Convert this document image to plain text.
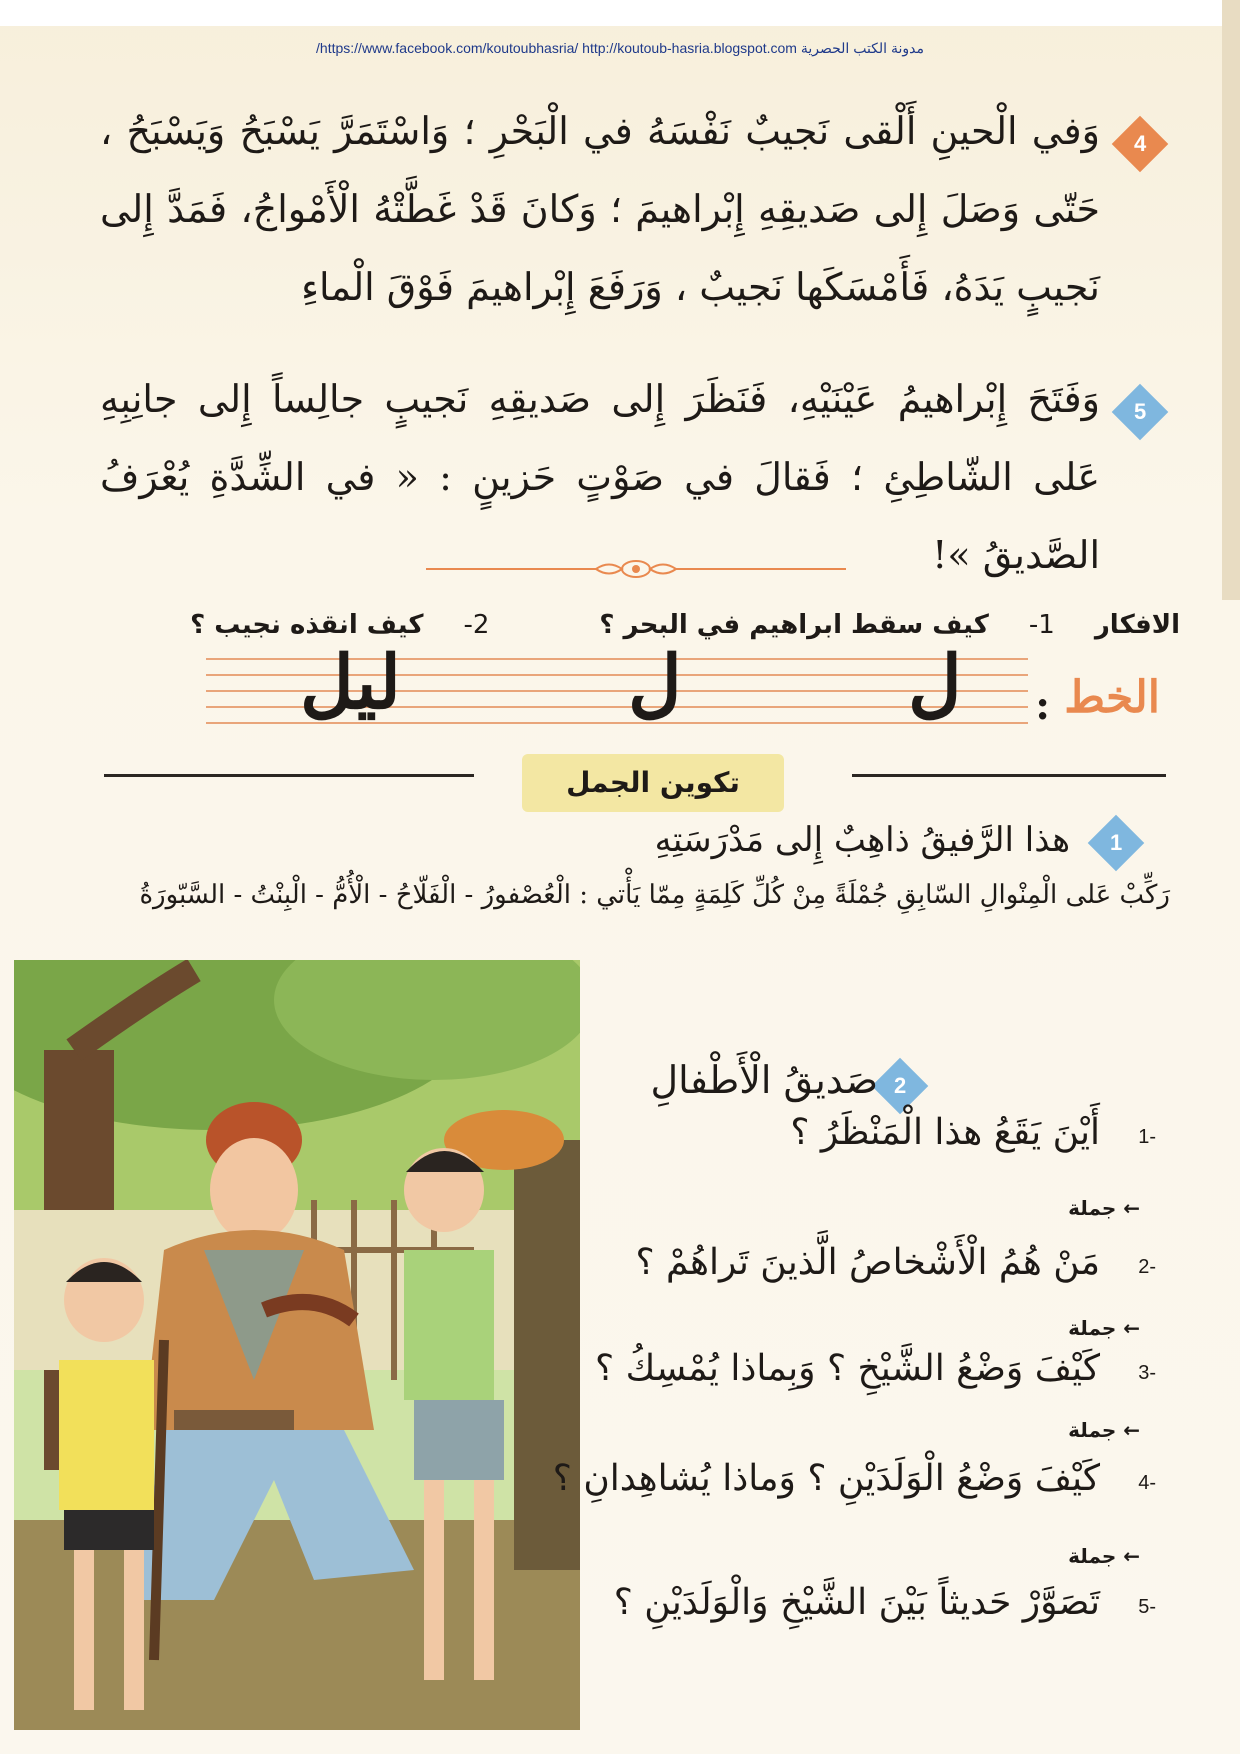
/https://www.facebook.com/koutoubhasria/ http://koutoub-hasria.blogspot.com مدونة الكتب الحصرية
4
وَفي الْحينِ أَلْقى نَجيبٌ نَفْسَهُ في الْبَحْرِ ؛ وَاسْتَمَرَّ يَسْبَحُ وَيَسْبَحُ ، حَتّى وَصَلَ إِلى صَديقِهِ إِبْراهيمَ ؛ وَكانَ قَدْ غَطَّتْهُ الْأَمْواجُ، فَمَدَّ إِلى نَجيبٍ يَدَهُ، فَأَمْسَكَها نَجيبٌ ، وَرَفَعَ إِبْراهيمَ فَوْقَ الْماءِ
5
وَفَتَحَ إِبْراهيمُ عَيْنَيْهِ، فَنَظَرَ إِلى صَديقِهِ نَجيبٍ جالِساً إِلى جانِبِهِ عَلى الشّاطِئِ ؛ فَقالَ في صَوْتٍ حَزينٍ : « في الشِّدَّةِ يُعْرَفُ الصَّديقُ »!
الافكار
1-
كيف سقط ابراهيم في البحر ؟
2-
كيف انقذه نجيب ؟
الخط
:
ل
ل
ليل
تكوين الجمل
1
هذا الرَّفيقُ ذاهِبٌ إِلى مَدْرَسَتِهِ
رَكِّبْ عَلى الْمِنْوالِ السّابِقِ جُمْلَةً مِنْ كُلِّ كَلِمَةٍ مِمّا يَأْتي : الْعُصْفورُ - الْفَلّاحُ - الْأُمُّ - الْبِنْتُ - السَّبّورَةُ
2
صَديقُ الْأَطْفالِ
1-
أَيْنَ يَقَعُ هذا الْمَنْظَرُ ؟
← جملة
2-
مَنْ هُمُ الْأَشْخاصُ الَّذينَ تَراهُمْ ؟
← جملة
3-
كَيْفَ وَضْعُ الشَّيْخِ ؟ وَبِماذا يُمْسِكُ ؟
← جملة
4-
كَيْفَ وَضْعُ الْوَلَدَيْنِ ؟ وَماذا يُشاهِدانِ ؟
← جملة
5-
تَصَوَّرْ حَديثاً بَيْنَ الشَّيْخِ وَالْوَلَدَيْنِ ؟
